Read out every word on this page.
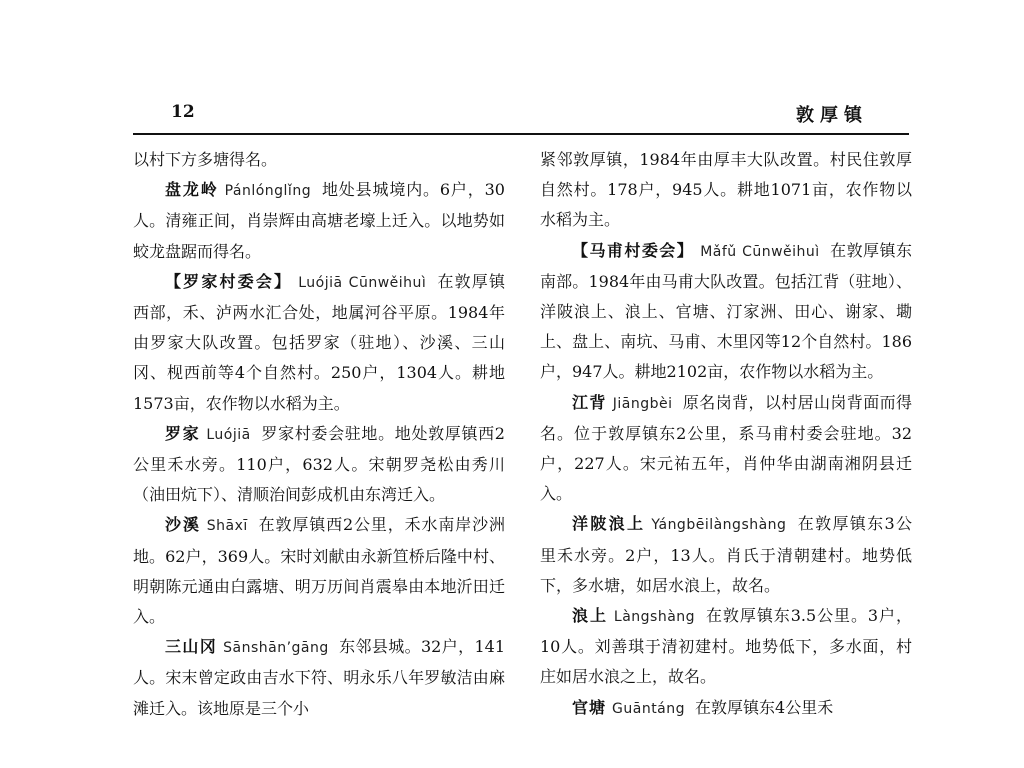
12	敦厚镇

以村下方多塘得名。

盘龙岭 Pánlónglǐng 地处县城境内。6户，30人。清雍正间，肖崇辉由高塘老壕上迁入。以地势如蛟龙盘踞而得名。

【罗家村委会】 Luójiā Cūnwěihuì 在敦厚镇西部，禾、泸两水汇合处，地属河谷平原。1984年由罗家大队改置。包括罗家（驻地）、沙溪、三山冈、枧西前等4个自然村。250户，1304人。耕地1573亩，农作物以水稻为主。

罗家 Luójiā 罗家村委会驻地。地处敦厚镇西2公里禾水旁。110户，632人。宋朝罗尧松由秀川（油田炕下）、清顺治间彭成机由东湾迁入。

沙溪 Shāxī 在敦厚镇西2公里，禾水南岸沙洲地。62户，369人。宋时刘献由永新笪桥后隆中村、明朝陈元通由白露塘、明万历间肖震皋由本地沂田迁入。

三山冈 Sānshān’gāng 东邻县城。32户，141人。宋末曾定政由吉水下符、明永乐八年罗敏洁由麻滩迁入。该地原是三个小

紧邻敦厚镇，1984年由厚丰大队改置。村民住敦厚自然村。178户，945人。耕地1071亩，农作物以水稻为主。

【马甫村委会】 Mǎfǔ Cūnwěihuì 在敦厚镇东南部。1984年由马甫大队改置。包括江背（驻地）、洋陂浪上、浪上、官塘、汀家洲、田心、谢家、墈上、盘上、南坑、马甫、木里冈等12个自然村。186户，947人。耕地2102亩，农作物以水稻为主。

江背 Jiāngbèi 原名岗背，以村居山岗背面而得名。位于敦厚镇东2公里，系马甫村委会驻地。32户，227人。宋元祐五年，肖仲华由湖南湘阴县迁入。

洋陂浪上 Yángbēilàngshàng 在敦厚镇东3公里禾水旁。2户，13人。肖氏于清朝建村。地势低下，多水塘，如居水浪上，故名。

浪上 Làngshàng 在敦厚镇东3.5公里。3户，10人。刘善琪于清初建村。地势低下，多水面，村庄如居水浪之上，故名。

官塘 Guāntáng 在敦厚镇东4公里禾
